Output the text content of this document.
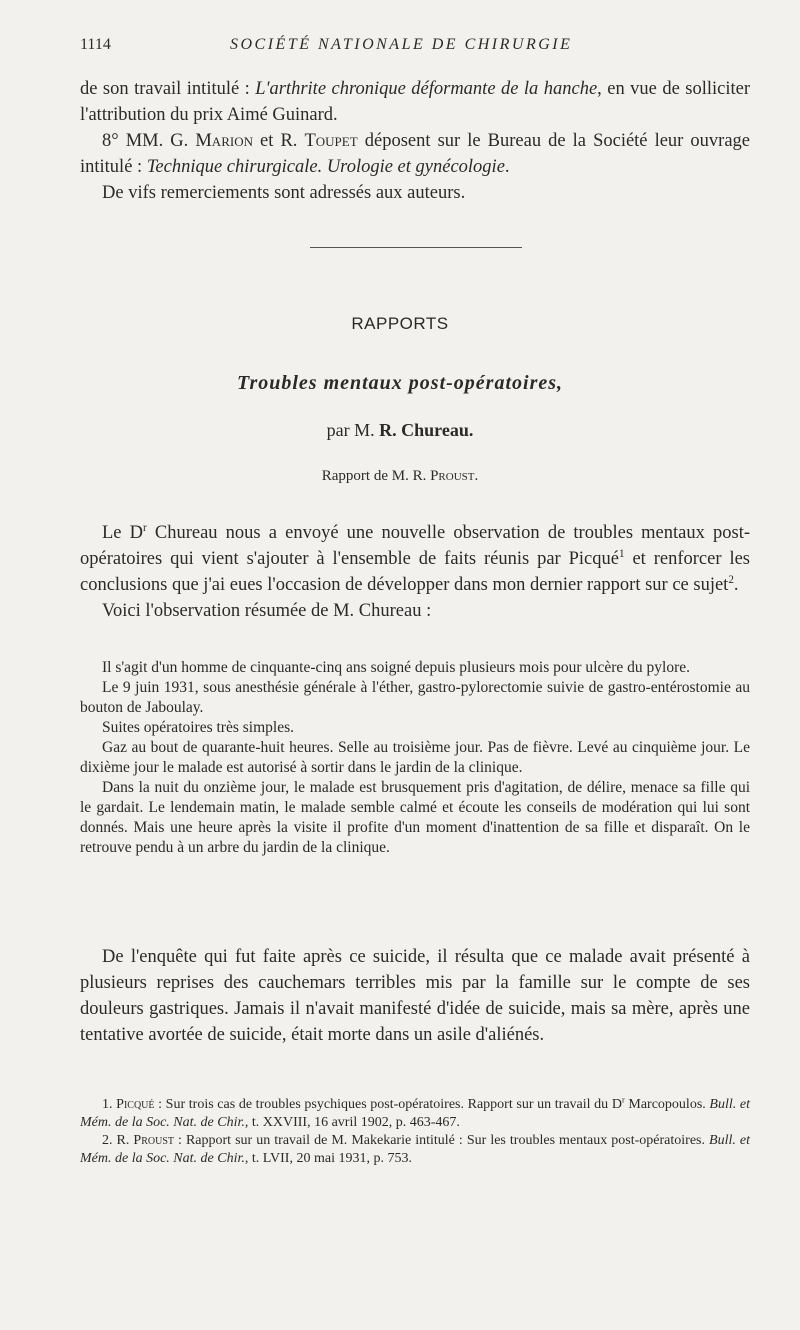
1114	SOCIÉTÉ NATIONALE DE CHIRURGIE

de son travail intitulé : L'arthrite chronique déformante de la hanche, en vue de solliciter l'attribution du prix Aimé Guinard.

8° MM. G. Marion et R. Toupet déposent sur le Bureau de la Société leur ouvrage intitulé : Technique chirurgicale. Urologie et gynécologie.

De vifs remerciements sont adressés aux auteurs.

RAPPORTS
Troubles mentaux post-opératoires,
par M. R. Chureau.
Rapport de M. R. Proust.

Le $D^r$ Chureau nous a envoyé une nouvelle observation de troubles mentaux post-opératoires qui vient s'ajouter à l'ensemble de faits réunis par Picqué$^1$ et renforcer les conclusions que j'ai eues l'occasion de développer dans mon dernier rapport sur ce sujet$^2$.

Voici l'observation résumée de M. Chureau :

Il s'agit d'un homme de cinquante-cinq ans soigné depuis plusieurs mois pour ulcère du pylore.

Le 9 juin 1931, sous anesthésie générale à l'éther, gastro-pylorectomie suivie de gastro-entérostomie au bouton de Jaboulay.

Suites opératoires très simples.

Gaz au bout de quarante-huit heures. Selle au troisième jour. Pas de fièvre. Levé au cinquième jour. Le dixième jour le malade est autorisé à sortir dans le jardin de la clinique.

Dans la nuit du onzième jour, le malade est brusquement pris d'agitation, de délire, menace sa fille qui le gardait. Le lendemain matin, le malade semble calmé et écoute les conseils de modération qui lui sont donnés. Mais une heure après la visite il profite d'un moment d'inattention de sa fille et disparaît. On le retrouve pendu à un arbre du jardin de la clinique.

De l'enquête qui fut faite après ce suicide, il résulta que ce malade avait présenté à plusieurs reprises des cauchemars terribles mis par la famille sur le compte de ses douleurs gastriques. Jamais il n'avait manifesté d'idée de suicide, mais sa mère, après une tentative avortée de suicide, était morte dans un asile d'aliénés.

1. Picqué : Sur trois cas de troubles psychiques post-opératoires. Rapport sur un travail du $D^r$ Marcopoulos. Bull. et Mém. de la Soc. Nat. de Chir., t. XXVIII, 16 avril 1902, p. 463-467.

2. R. Proust : Rapport sur un travail de M. Makekarie intitulé : Sur les troubles mentaux post-opératoires. Bull. et Mém. de la Soc. Nat. de Chir., t. LVII, 20 mai 1931, p. 753.
